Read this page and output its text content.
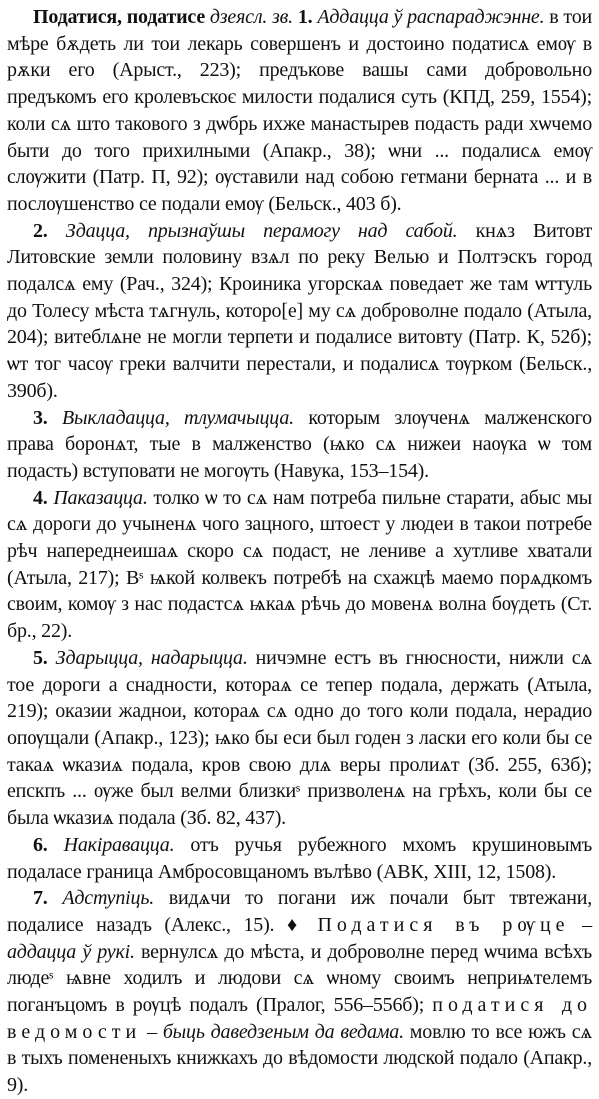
Податися, податисе дзеясл. зв. 1. Аддацца ў распараджэнне. в тои мѣре бѫдеть ли тои лекарь совершенъ и достоино податисѧ емѹ в рѫки его (Арыст., 223); предъкове вашы сами добровольно предъкомъ его кролевъскоє милости подалися суть (КПД, 259, 1554); коли сѧ што такового з дѡбрь ихже манастырев подасть ради хѡчемо быти до того прихилными (Апакр., 38); ѡни ... подалисѧ емѹ слѹжити (Патр. П, 92); ѹставили над собою гетмани берната ... и в послѹшенство се подали емѹ (Бельск., 403 б).

2. Здацца, прызнаўшы перамогу над сабой. кнѧз Витовт Литовские земли половину взѧл по реку Велью и Полтэскъ город подалсѧ ему (Рач., 324); Кроиника угорскаѧ поведает же там ѡттуль до Толесу мѣста тѧгнуль, которо[е] му сѧ доброволне подало (Атыла, 204); витеблѧне не могли терпети и подалисе витовту (Патр. К, 52б); ѡт тог часѹ греки валчити перестали, и подалисѧ тѹрком (Бельск., 390б).

3. Выкладацца, тлумачыцца. которым злѹченѧ малженского права боронѧт, тые в малженство (ѩко сѧ нижеи наѹка ѡ том подасть) вступовати не могѹть (Навука, 153–154).

4. Паказацца. толко ѡ то сѧ нам потреба пильне старати, абыс мы сѧ дороги до учыненѧ чого зацного, штоест у людеи в такои потребе рѣч напереднеишаѧ скоро сѧ подаст, не лениве а хутливе хватали (Атыла, 217); Вˢ ѩкой колвекъ потребѣ на схажцѣ маемо порѧдкомъ своим, комѹ з нас подастсѧ ѩкаѧ рѣчь до мовенѧ волна бѹдеть (Ст. бр., 22).

5. Здарыцца, надарыцца. ничэмне естъ въ гнюсности, нижли сѧ тое дороги а снадности, котораѧ се тепер подала, держать (Атыла, 219); оказии жаднои, котораѧ сѧ одно до того коли подала, нерадио опѹщали (Апакр., 123); ѩко бы еси был годен з ласки его коли бы се такаѧ ѡказиѧ подала, кров свою длѧ веры пролиѧт (Зб. 255, 63б); епскпъ ... ѹже был велми близкиˢ призволенѧ на грѣхъ, коли бы се была ѡказиѧ подала (Зб. 82, 437).

6. Накіравацца. отъ ручья рубежного мхомъ крушиновымъ подаласе граница Амбросовщаномъ вълѣво (АВК, XIII, 12, 1508).

7. Адступіць. видѧчи то погани иж почали быт твтежани, подалисе назадъ (Алекс., 15). ♦ Податися въ рѹце – аддацца ў рукі. вернулсѧ до мѣста, и доброволне перед ѡчима всѣхъ людеˢ ѩвне ходилъ и людови сѧ ѡному своимъ неприѩтелемъ поганъцомъ в рѹцѣ подалъ (Пралог, 556–556б); податися до ведомости – быць даведзеным да ведама. мовлю то все южъ сѧ в тыхъ помененыхъ книжкахъ до вѣдомости людской подало (Апакр., 9).
